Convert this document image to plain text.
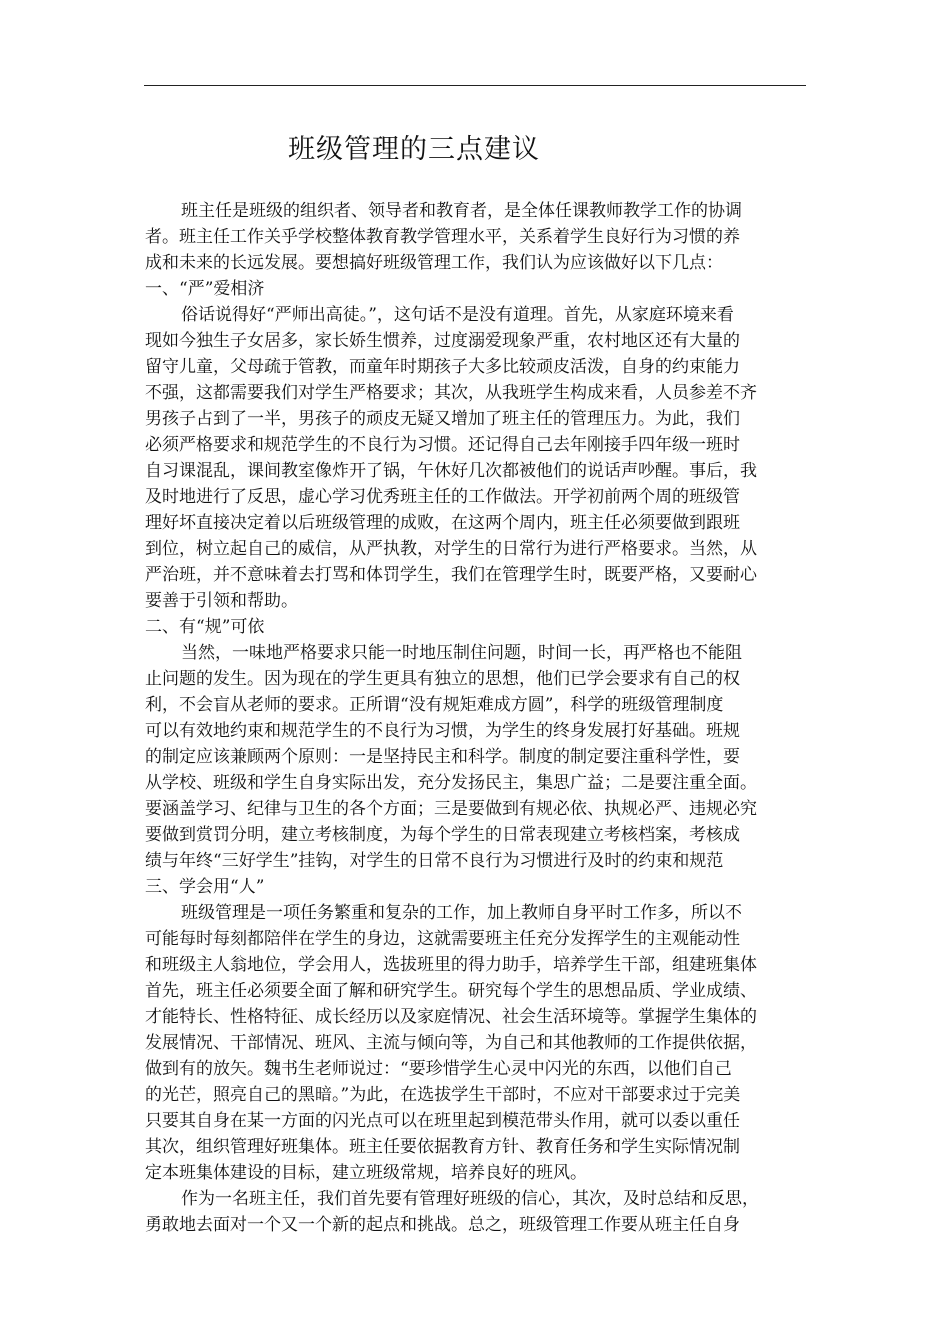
班级管理的三点建议
班主任是班级的组织者、领导者和教育者，是全体任课教师教学工作的协调
者。班主任工作关乎学校整体教育教学管理水平，关系着学生良好行为习惯的养
成和未来的长远发展。要想搞好班级管理工作，我们认为应该做好以下几点：
一、“严”爱相济
俗话说得好“严师出高徒。”，这句话不是没有道理。首先，从家庭环境来看
现如今独生子女居多，家长娇生惯养，过度溺爱现象严重，农村地区还有大量的
留守儿童，父母疏于管教，而童年时期孩子大多比较顽皮活泼，自身的约束能力
不强，这都需要我们对学生严格要求；其次，从我班学生构成来看，人员参差不齐
男孩子占到了一半，男孩子的顽皮无疑又增加了班主任的管理压力。为此，我们
必须严格要求和规范学生的不良行为习惯。还记得自己去年刚接手四年级一班时
自习课混乱，课间教室像炸开了锅，午休好几次都被他们的说话声吵醒。事后，我
及时地进行了反思，虚心学习优秀班主任的工作做法。开学初前两个周的班级管
理好坏直接决定着以后班级管理的成败，在这两个周内，班主任必须要做到跟班
到位，树立起自己的威信，从严执教，对学生的日常行为进行严格要求。当然，从
严治班，并不意味着去打骂和体罚学生，我们在管理学生时，既要严格，又要耐心
要善于引领和帮助。
二、有“规”可依
当然，一味地严格要求只能一时地压制住问题，时间一长，再严格也不能阻
止问题的发生。因为现在的学生更具有独立的思想，他们已学会要求有自己的权
利，不会盲从老师的要求。正所谓“没有规矩难成方圆”，科学的班级管理制度
可以有效地约束和规范学生的不良行为习惯，为学生的终身发展打好基础。班规
的制定应该兼顾两个原则：一是坚持民主和科学。制度的制定要注重科学性，要
从学校、班级和学生自身实际出发，充分发扬民主，集思广益；二是要注重全面。
要涵盖学习、纪律与卫生的各个方面；三是要做到有规必依、执规必严、违规必究
要做到赏罚分明，建立考核制度，为每个学生的日常表现建立考核档案，考核成
绩与年终“三好学生”挂钩，对学生的日常不良行为习惯进行及时的约束和规范
三、学会用“人”
班级管理是一项任务繁重和复杂的工作，加上教师自身平时工作多，所以不
可能每时每刻都陪伴在学生的身边，这就需要班主任充分发挥学生的主观能动性
和班级主人翁地位，学会用人，选拔班里的得力助手，培养学生干部，组建班集体
首先，班主任必须要全面了解和研究学生。研究每个学生的思想品质、学业成绩、
才能特长、性格特征、成长经历以及家庭情况、社会生活环境等。掌握学生集体的
发展情况、干部情况、班风、主流与倾向等，为自己和其他教师的工作提供依据，
做到有的放矢。魏书生老师说过：“要珍惜学生心灵中闪光的东西，以他们自己
的光芒，照亮自己的黑暗。”为此，在选拔学生干部时，不应对干部要求过于完美
只要其自身在某一方面的闪光点可以在班里起到模范带头作用，就可以委以重任
其次，组织管理好班集体。班主任要依据教育方针、教育任务和学生实际情况制
定本班集体建设的目标，建立班级常规，培养良好的班风。
作为一名班主任，我们首先要有管理好班级的信心，其次，及时总结和反思，
勇敢地去面对一个又一个新的起点和挑战。总之，班级管理工作要从班主任自身
